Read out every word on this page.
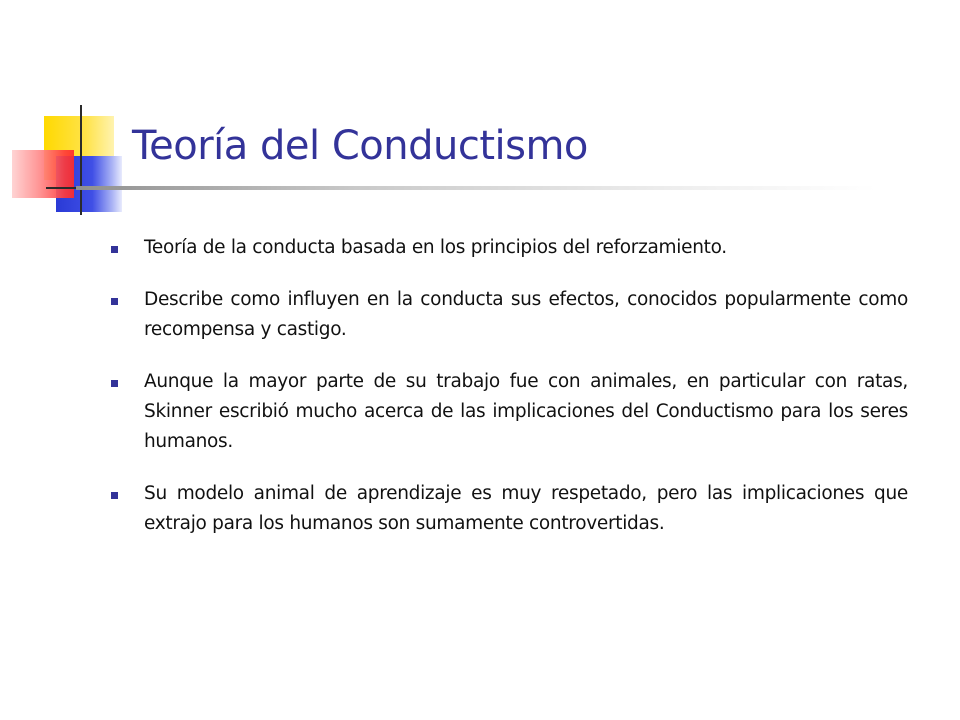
Teoría del Conductismo
Teoría de la conducta basada en los principios del reforzamiento.
Describe como influyen en la conducta sus efectos, conocidos popularmente como recompensa y castigo.
Aunque la mayor parte de su trabajo fue con animales, en particular con ratas, Skinner escribió mucho acerca de las implicaciones del Conductismo para los seres humanos.
Su modelo animal de aprendizaje es muy respetado, pero las implicaciones que extrajo para los humanos son sumamente controvertidas.
